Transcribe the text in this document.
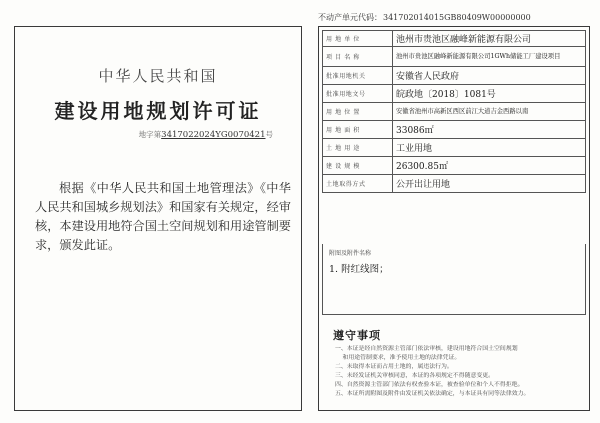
不动产单元代码：341702014015GB80409W00000000
中华人民共和国
建设用地规划许可证
地字第3417022024YG0070421号
根据《中华人民共和国土地管理法》《中华人民共和国城乡规划法》和国家有关规定，经审核，本建设用地符合国土空间规划和用途管制要求，颁发此证。
用 地 单 位	池州市贵池区融峰新能源有限公司
项 目 名 称	池州市贵池区融峰新能源有限公司1GWh储能工厂建设项目
批准用地机关	安徽省人民政府
批准用地文号	皖政地〔2018〕1081号
用 地 位 置	安徽省池州市高新区西区前江大道吉金西路以南
用 地 面 积	33086㎡
土 地 用 途	工业用地
建 设 规 模	26300.85㎡
土地取得方式	公开出让用地
附图及附件名称
1. 附红线图；
遵守事项
一、本证是经自然资源主管部门依法审核，建设用地符合国土空间规划
和用途管制要求，准予使用土地的法律凭证。
二、未取得本证而占用土地的，属违法行为。
三、未经发证机关审核同意，本证的各项规定不得随意变更。
四、自然资源主管部门依法有权查验本证，被查验单位和个人不得拒绝。
五、本证所需附图及附件由发证机关依法确定，与本证具有同等法律效力。
